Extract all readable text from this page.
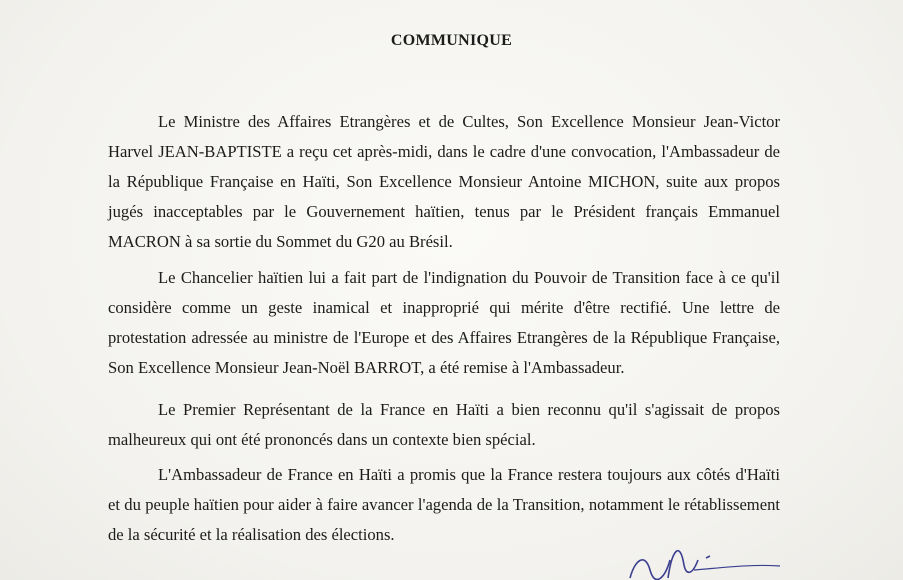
COMMUNIQUE

Le Ministre des Affaires Etrangères et de Cultes, Son Excellence Monsieur Jean-Victor Harvel JEAN-BAPTISTE a reçu cet après-midi, dans le cadre d'une convocation, l'Ambassadeur de la République Française en Haïti, Son Excellence Monsieur Antoine MICHON, suite aux propos jugés inacceptables par le Gouvernement haïtien, tenus par le Président français Emmanuel MACRON à sa sortie du Sommet du G20 au Brésil.

Le Chancelier haïtien lui a fait part de l'indignation du Pouvoir de Transition face à ce qu'il considère comme un geste inamical et inapproprié qui mérite d'être rectifié. Une lettre de protestation adressée au ministre de l'Europe et des Affaires Etrangères de la République Française, Son Excellence Monsieur Jean-Noël BARROT, a été remise à l'Ambassadeur.

Le Premier Représentant de la France en Haïti a bien reconnu qu'il s'agissait de propos malheureux qui ont été prononcés dans un contexte bien spécial.

L'Ambassadeur de France en Haïti a promis que la France restera toujours aux côtés d'Haïti et du peuple haïtien pour aider à faire avancer l'agenda de la Transition, notamment le rétablissement de la sécurité et la réalisation des élections.
